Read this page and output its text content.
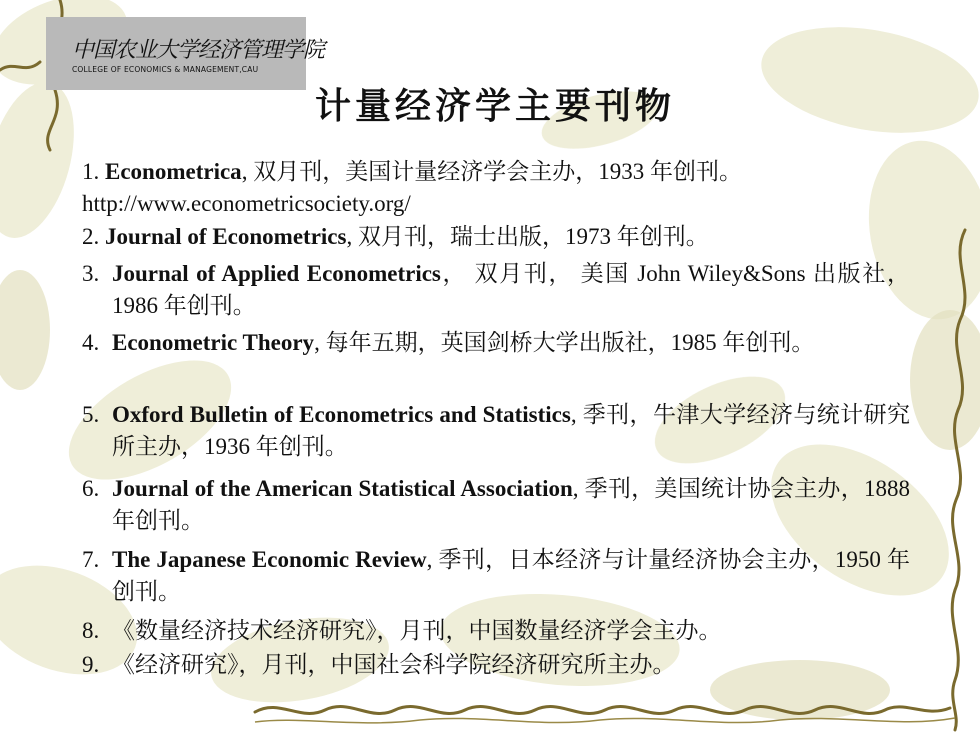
中国农业大学经济管理学院
COLLEGE OF ECONOMICS & MANAGEMENT,CAU
计量经济学主要刊物
1. Econometrica, 双月刊，美国计量经济学会主办，1933 年创刊。
http://www.econometricsociety.org/
2. Journal of Econometrics, 双月刊，瑞士出版，1973 年创刊。
3. Journal of Applied Econometrics， 双月刊， 美国 John Wiley&Sons 出版社，1986 年创刊。
4. Econometric Theory, 每年五期，英国剑桥大学出版社，1985 年创刊。
5. Oxford Bulletin of Econometrics and Statistics, 季刊，牛津大学经济与统计研究所主办，1936 年创刊。
6. Journal of the American Statistical Association, 季刊，美国统计协会主办，1888 年创刊。
7. The Japanese Economic Review, 季刊，日本经济与计量经济协会主办，1950 年创刊。
8. 《数量经济技术经济研究》，月刊，中国数量经济学会主办。
9. 《经济研究》，月刊，中国社会科学院经济研究所主办。
